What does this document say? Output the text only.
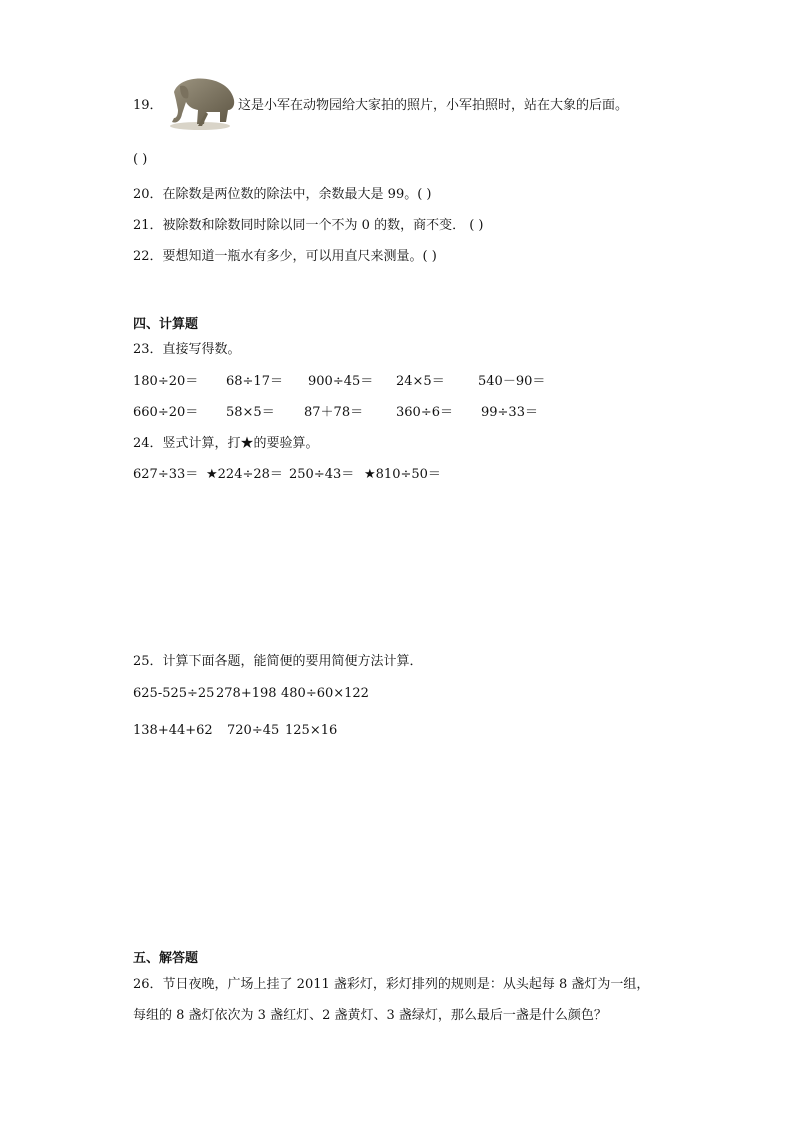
19．	这是小军在动物园给大家拍的照片，小军拍照时，站在大象的后面。
( )
20．在除数是两位数的除法中，余数最大是 99。( )
21．被除数和除数同时除以同一个不为 0 的数，商不变． ( )
22．要想知道一瓶水有多少，可以用直尺来测量。( )
四、计算题
23．直接写得数。
180÷20＝ 68÷17＝ 900÷45＝ 24×5＝	540－90＝
660÷20＝ 58×5＝ 87＋78＝	360÷6＝ 99÷33＝
24．竖式计算，打★的要验算。
627÷33＝ ★224÷28＝ 250÷43＝ ★810÷50＝
25．计算下面各题，能简便的要用简便方法计算．
625-525÷25 278+198 480÷60×122
138+44+62 720÷45 125×16
五、解答题
26．节日夜晚，广场上挂了 2011 盏彩灯，彩灯排列的规则是：从头起每 8 盏灯为一组，
每组的 8 盏灯依次为 3 盏红灯、2 盏黄灯、3 盏绿灯，那么最后一盏是什么颜色？
